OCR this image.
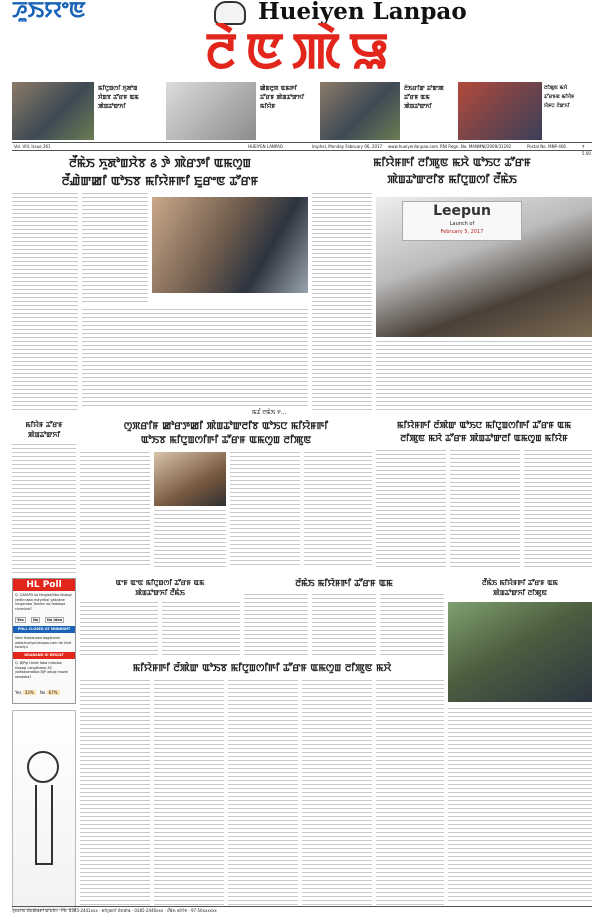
ꯍꯨꯏꯌꯦꯟ	Hueiyen Lanpao
ꯂꯥꯟꯄꯥꯎ
ꯃꯤꯅꯨꯡꯁꯤ ꯈꯨꯗꯣꯡ
ꯆꯥꯡꯕ ꯊꯧꯔꯝ ꯑꯃ
ꯄꯥꯡꯊꯣꯛꯈꯤ
ꯀꯥꯡꯂꯨꯞ ꯑꯃꯒꯤ
ꯊꯧꯔꯝ ꯄꯥꯡꯊꯣꯛꯈꯤ
ꯃꯤꯌꯥꯝ
ꯂꯥꯏꯔꯤꯛ ꯊꯣꯛꯄ
ꯊꯧꯔꯝ ꯑꯃ
ꯄꯥꯡꯊꯣꯛꯈꯤ
ꯂꯤꯄꯨꯟ ꯃꯆꯥ
ꯊꯧꯔꯝꯗ ꯃꯤꯌꯥꯝ
ꯌꯥꯝꯅ ꯂꯥꯛꯈꯤ
Vol. VIII, Issue 261	HUEIYEN LANPAO	Imphal, Monday February 06, 2017 www.hueiyenlanpao.com RNI Regn. No. MANMNI/2009/31292	Postal No. MNP-406	₹ 5.00
ꯂꯩꯃꯥꯏ ꯈꯨꯗꯣꯡꯆꯥꯕ ꯴ ꯇꯥ ꯄꯥꯔꯇꯤ ꯑꯃꯁꯨꯡ
ꯂꯩꯉꯥꯛꯀꯤ ꯑꯣꯏꯕ ꯃꯤꯌꯥꯝꯒꯤ ꯐꯨꯔꯦꯟ ꯊꯧꯔꯝ
ꯃꯊꯪ ꯂꯃꯥꯏ ꯵...
ꯃꯤꯌꯥꯝꯒꯤ ꯂꯤꯄꯨꯟ ꯃꯆꯥ ꯑꯣꯏꯅ ꯊꯧꯔꯝ
ꯄꯥꯡꯊꯣꯛꯂꯤꯕ ꯃꯤꯅꯨꯡꯁꯤ ꯂꯩꯃꯥꯏ
Leepun
Launch of
February 5, 2017
ꯁꯨꯞꯔꯤꯝ ꯀꯣꯔꯇꯀꯤ ꯄꯥꯡꯊꯣꯛꯂꯤꯕ ꯑꯣꯏꯅ ꯃꯤꯌꯥꯝꯒꯤ
ꯑꯣꯏꯕ ꯃꯤꯅꯨꯡꯁꯤꯒꯤ ꯊꯧꯔꯝ ꯑꯃꯁꯨꯡ ꯂꯤꯄꯨꯟ
ꯃꯤꯌꯥꯝꯒꯤ ꯂꯩꯄꯥꯛ ꯑꯣꯏꯅ ꯃꯤꯅꯨꯡꯁꯤꯒꯤ ꯊꯧꯔꯝ ꯑꯃ
ꯂꯤꯄꯨꯟ ꯃꯆꯥ ꯊꯧꯔꯝ ꯄꯥꯡꯊꯣꯛꯂꯤ ꯑꯃꯁꯨꯡ ꯃꯤꯌꯥꯝ
ꯃꯤꯌꯥꯝ ꯊꯧꯔꯝ
ꯄꯥꯡꯊꯣꯛꯈꯤ
HL Poll
Q. CAFAPD ka fanglakhiba khaagi yeitinnaba mayeikai yaibiane ningamba Tamlen da fadakpa chumbra?
Yes	No	No Idea
POLL CLOSED AT MIDNIGHT
Vote thadanaba bagatmek www.hueiyenlanpao.com da Visit toubiyu
NGARANG GI RESULT
Q. BJPgi ticket faba mikoiba khaagi Langthabal AC yaifaaberabba BJP adugi mawa sendaba?
Yes 33% No 67%
ꯑꯦꯝ ꯑꯦꯟ ꯃꯤꯅꯨꯡꯁꯤ ꯊꯧꯔꯝ ꯑꯃ
ꯄꯥꯡꯊꯣꯛꯈꯤ ꯂꯩꯃꯥꯏ
ꯂꯩꯃꯥꯏ ꯃꯤꯌꯥꯝꯒꯤ ꯊꯧꯔꯝ ꯑꯃ	ꯂꯩꯃꯥꯏ ꯃꯤꯌꯥꯝꯒꯤ ꯊꯧꯔꯝ ꯑꯃ
ꯄꯥꯡꯊꯣꯛꯈꯤ ꯂꯤꯄꯨꯟ
ꯃꯤꯌꯥꯝꯒꯤ ꯂꯩꯄꯥꯛ ꯑꯣꯏꯕ ꯃꯤꯅꯨꯡꯁꯤꯒꯤ ꯊꯧꯔꯝ ꯑꯃꯁꯨꯡ ꯂꯤꯄꯨꯟ ꯃꯆꯥ
ꯍꯨꯏꯌꯦꯟ ꯂꯥꯟꯄꯥꯎꯒꯤ ꯑꯣꯐꯤꯁ · Ph: 0385-2441xxx · ꯃꯤꯅꯨꯡꯁꯤ ꯂꯥꯟꯄꯥꯎ · 0385-2440xxx · ꯂꯩꯃꯥꯏ ꯃꯤꯌꯥꯝ · 97-50xxxxxx
